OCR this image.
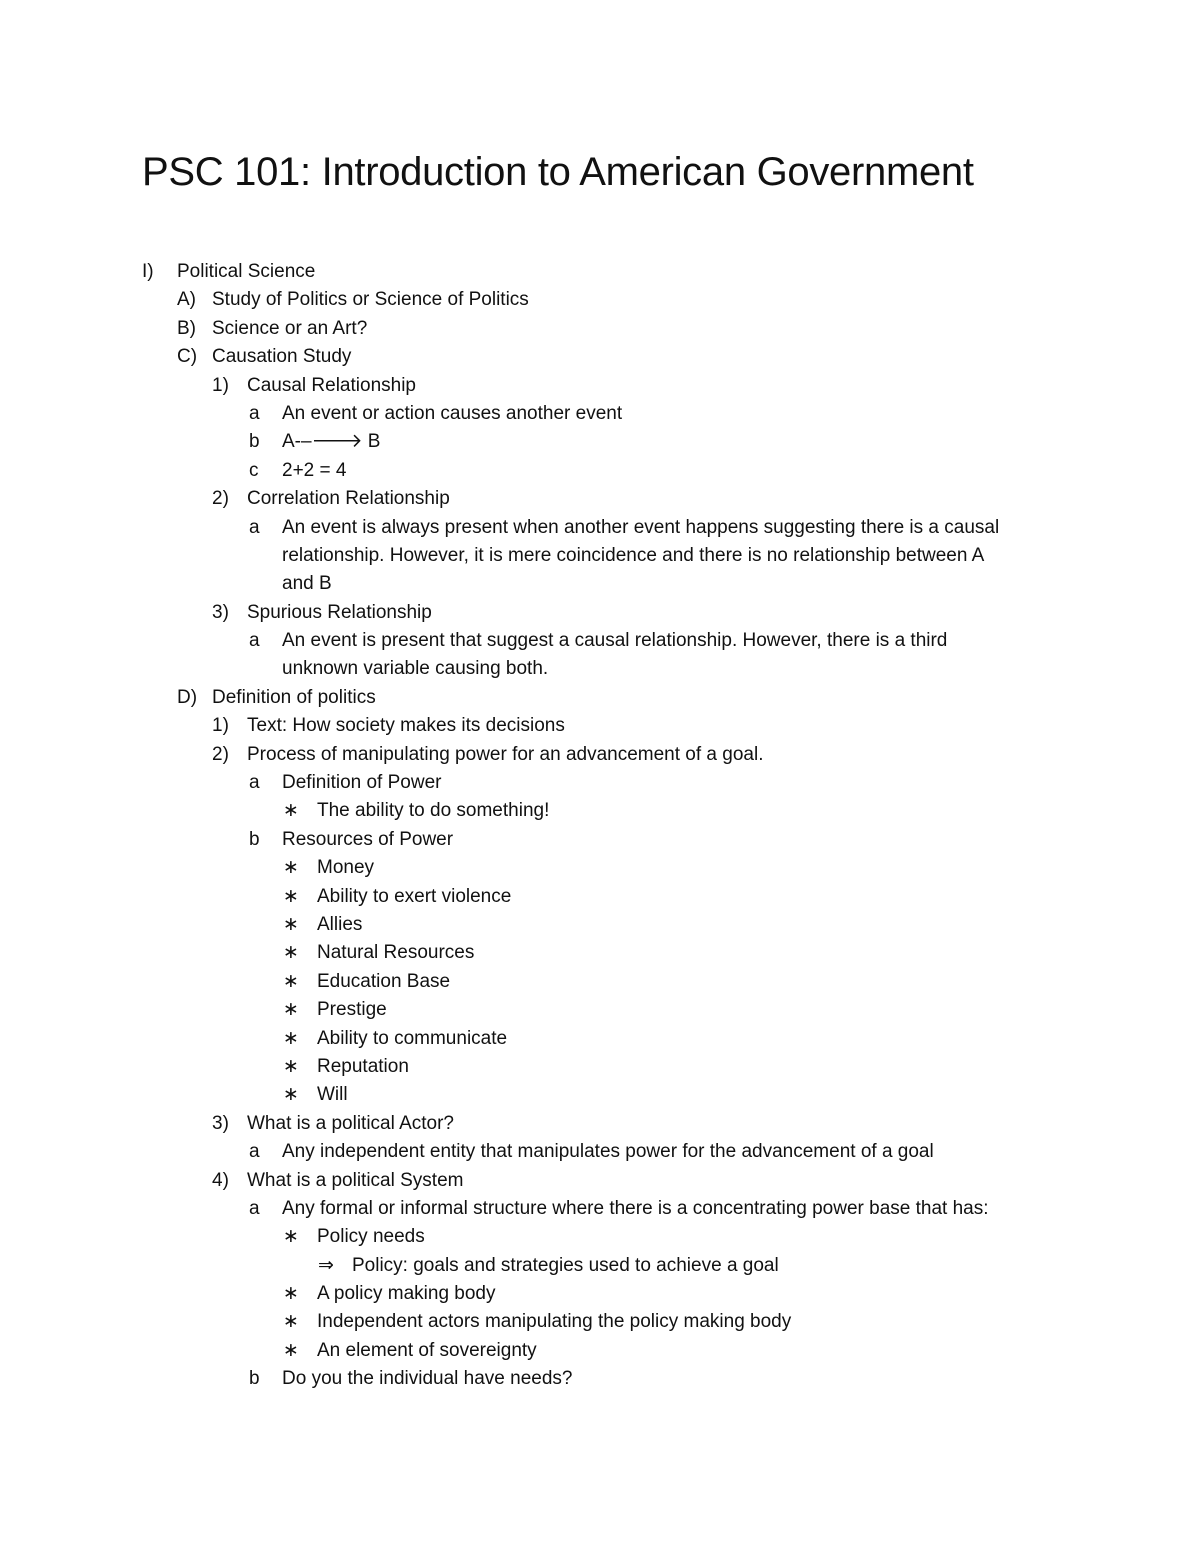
PSC 101: Introduction to American Government
I) Political Science
A) Study of Politics or Science of Politics
B) Science or an Art?
C) Causation Study
1) Causal Relationship
a An event or action causes another event
b A-–🡒 B
c 2+2 = 4
2) Correlation Relationship
a An event is always present when another event happens suggesting there is a causal
relationship. However, it is mere coincidence and there is no relationship between A
and B
3) Spurious Relationship
a An event is present that suggest a causal relationship. However, there is a third
unknown variable causing both.
D) Definition of politics
1) Text: How society makes its decisions
2) Process of manipulating power for an advancement of a goal.
a Definition of Power
∗ The ability to do something!
b Resources of Power
∗ Money
∗ Ability to exert violence
∗ Allies
∗ Natural Resources
∗ Education Base
∗ Prestige
∗ Ability to communicate
∗ Reputation
∗ Will
3) What is a political Actor?
a Any independent entity that manipulates power for the advancement of a goal
4) What is a political System
a Any formal or informal structure where there is a concentrating power base that has:
∗ Policy needs
⇒ Policy: goals and strategies used to achieve a goal
∗ A policy making body
∗ Independent actors manipulating the policy making body
∗ An element of sovereignty
b Do you the individual have needs?
